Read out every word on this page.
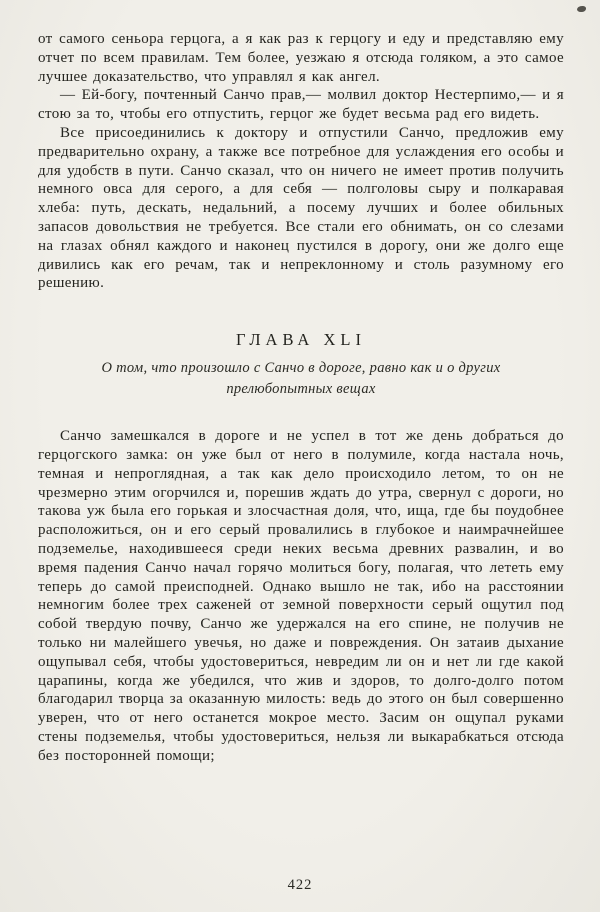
от самого сеньора герцога, а я как раз к герцогу и еду и представляю ему отчет по всем правилам. Тем более, уезжаю я отсюда голяком, а это самое лучшее доказательство, что управлял я как ангел.

— Ей-богу, почтенный Санчо прав,— молвил доктор Нестерпимо,— и я стою за то, чтобы его отпустить, герцог же будет весьма рад его видеть.

Все присоединились к доктору и отпустили Санчо, предложив ему предварительно охрану, а также все потребное для услаждения его особы и для удобств в пути. Санчо сказал, что он ничего не имеет против получить немного овса для серого, а для себя — полголовы сыру и полкаравая хлеба: путь, дескать, недальний, а посему лучших и более обильных запасов довольствия не требуется. Все стали его обнимать, он со слезами на глазах обнял каждого и наконец пустился в дорогу, они же долго еще дивились как его речам, так и непреклонному и столь разумному его решению.

ГЛАВА XLI
О том, что произошло с Санчо в дороге, равно как и о других прелюбопытных вещах

Санчо замешкался в дороге и не успел в тот же день добраться до герцогского замка: он уже был от него в полумиле, когда настала ночь, темная и непроглядная, а так как дело происходило летом, то он не чрезмерно этим огорчился и, порешив ждать до утра, свернул с дороги, но такова уж была его горькая и злосчастная доля, что, ища, где бы поудобнее расположиться, он и его серый провалились в глубокое и наимрачнейшее подземелье, находившееся среди неких весьма древних развалин, и во время падения Санчо начал горячо молиться богу, полагая, что лететь ему теперь до самой преисподней. Однако вышло не так, ибо на расстоянии немногим более трех саженей от земной поверхности серый ощутил под собой твердую почву, Санчо же удержался на его спине, не получив не только ни малейшего увечья, но даже и повреждения. Он затаив дыхание ощупывал себя, чтобы удостовериться, невредим ли он и нет ли где какой царапины, когда же убедился, что жив и здоров, то долго-долго потом благодарил творца за оказанную милость: ведь до этого он был совершенно уверен, что от него останется мокрое место. Засим он ощупал руками стены подземелья, чтобы удостовериться, нельзя ли выкарабкаться отсюда без посторонней помощи;

422
